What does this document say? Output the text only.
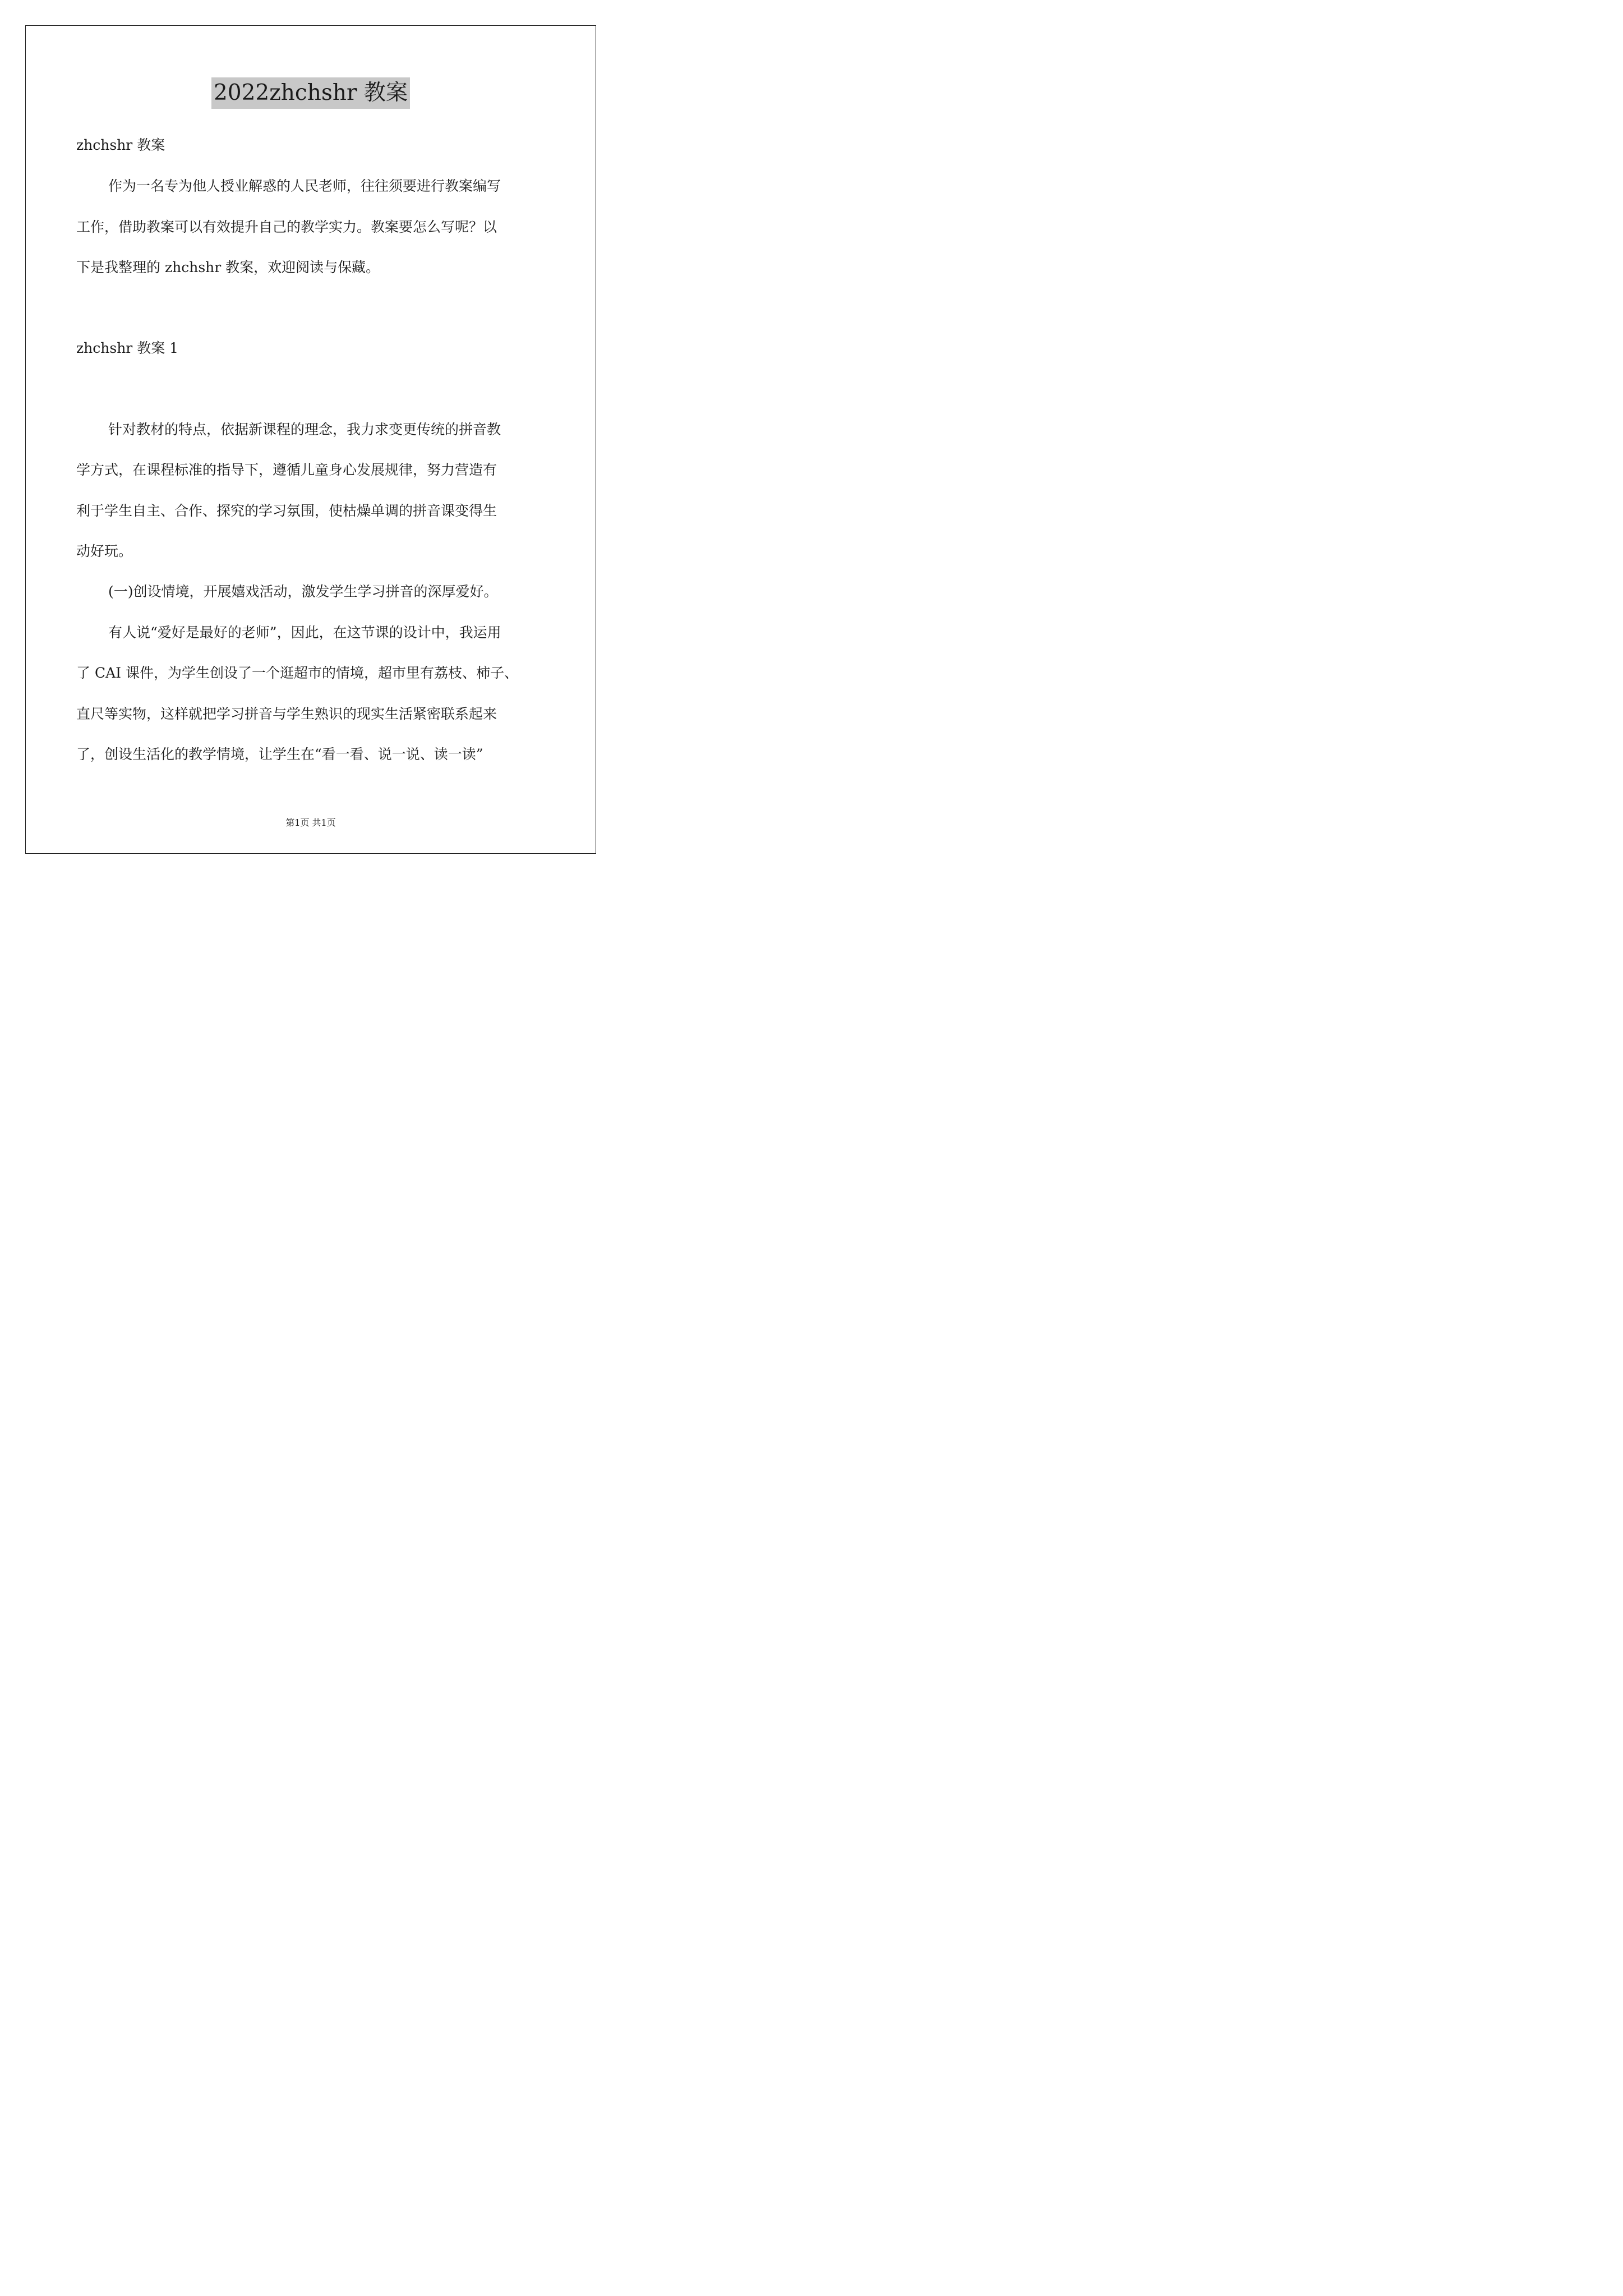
2022zhchshr 教案
zhchshr 教案
作为一名专为他人授业解惑的人民老师，往往须要进行教案编写
工作，借助教案可以有效提升自己的教学实力。教案要怎么写呢？以
下是我整理的 zhchshr 教案，欢迎阅读与保藏。
zhchshr 教案 1
针对教材的特点，依据新课程的理念，我力求变更传统的拼音教
学方式，在课程标准的指导下，遵循儿童身心发展规律，努力营造有
利于学生自主、合作、探究的学习氛围，使枯燥单调的拼音课变得生
动好玩。
(一)创设情境，开展嬉戏活动，激发学生学习拼音的深厚爱好。
有人说“爱好是最好的老师”，因此，在这节课的设计中，我运用
了 CAI 课件，为学生创设了一个逛超市的情境，超市里有荔枝、柿子、
直尺等实物，这样就把学习拼音与学生熟识的现实生活紧密联系起来
了，创设生活化的教学情境，让学生在“看一看、说一说、读一读”
第1页 共1页
